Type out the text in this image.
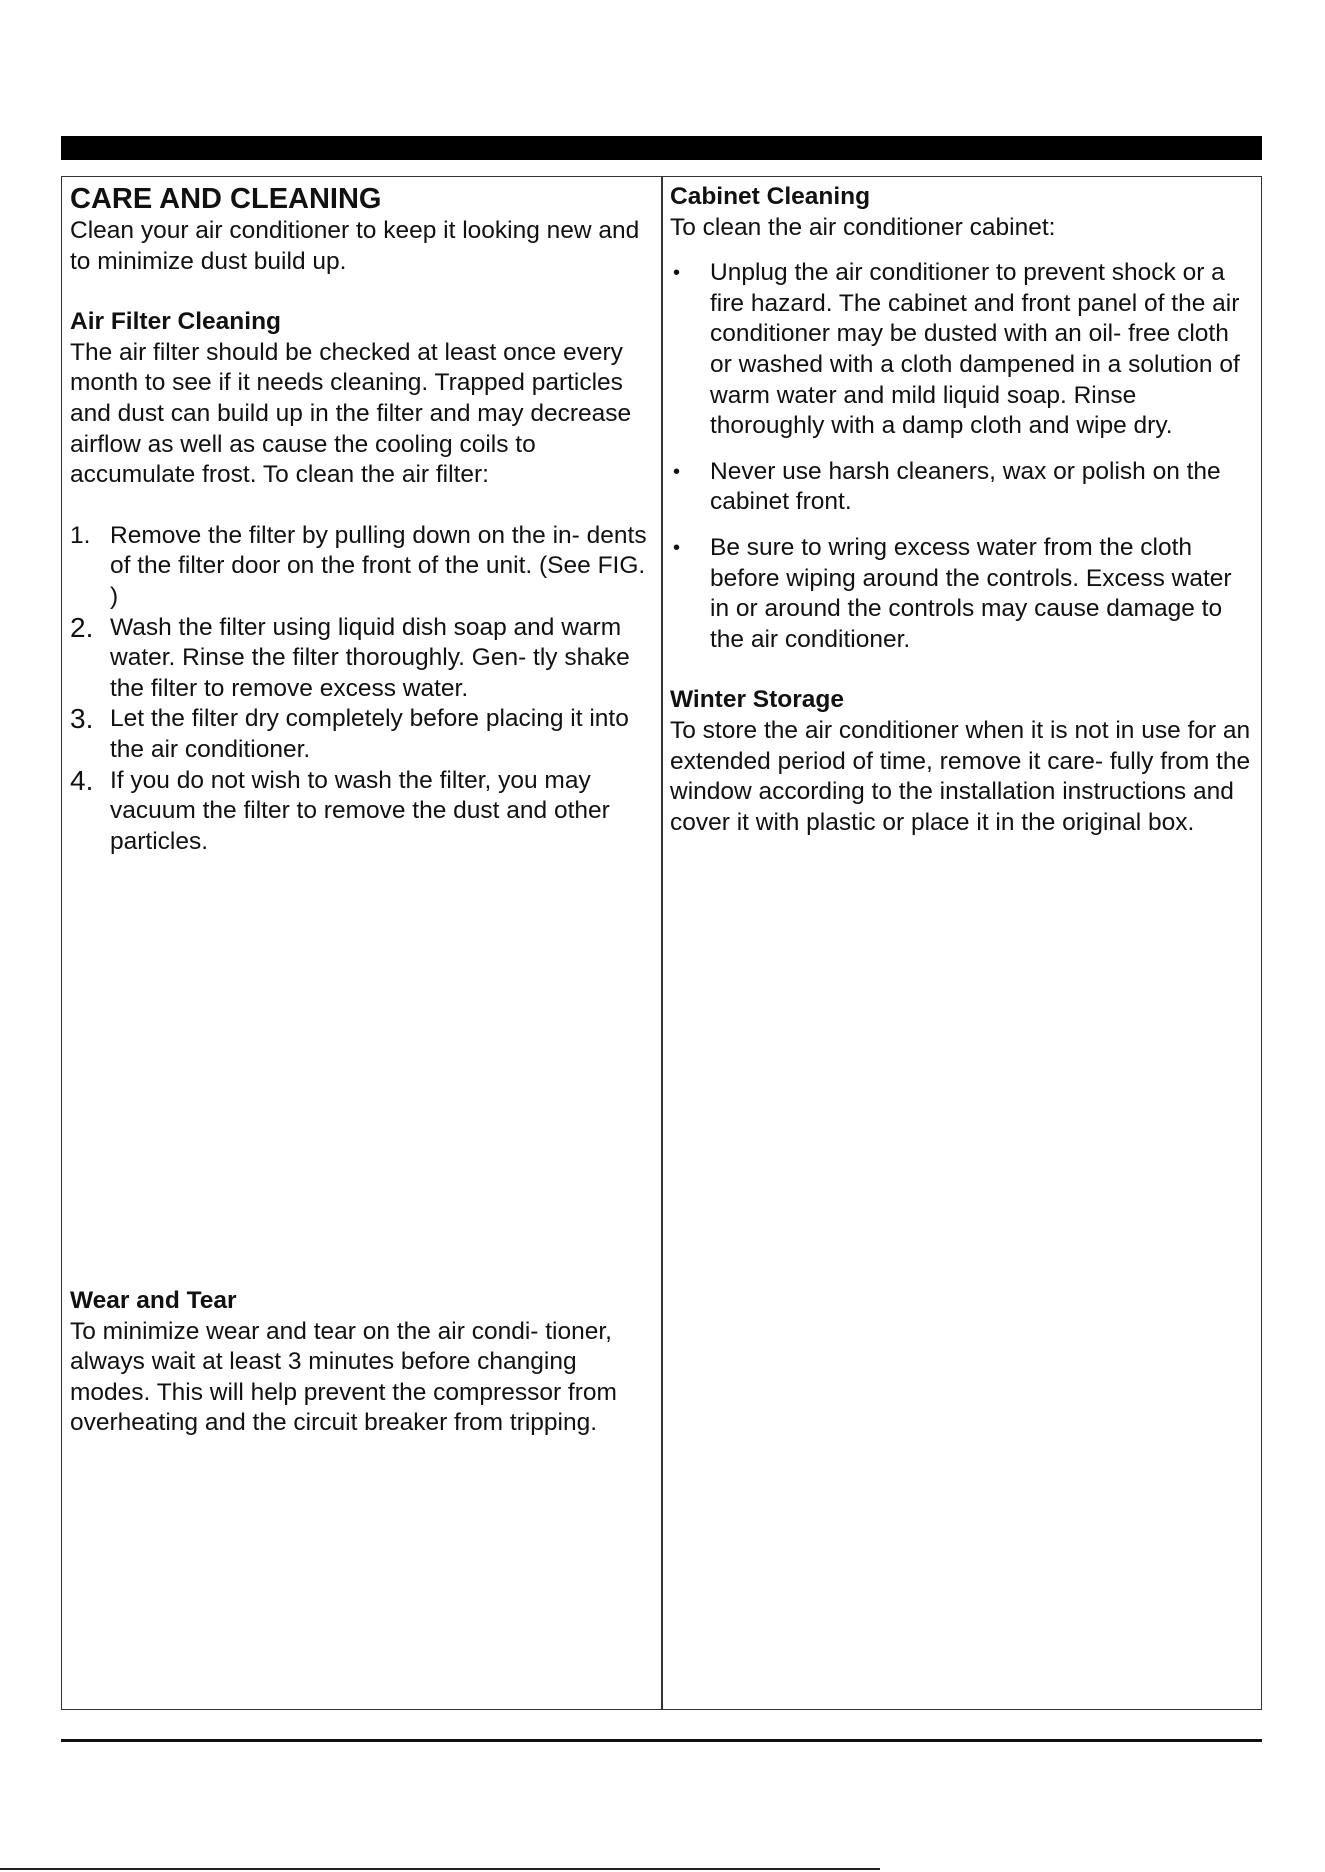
CARE AND CLEANING

Clean your air conditioner to keep it looking new and to minimize dust build up.

Air Filter Cleaning

The air filter should be checked at least once every month to see if it needs cleaning. Trapped particles and dust can build up in the filter and may decrease airflow as well as cause the cooling coils to accumulate frost. To clean the air filter:

1. Remove the filter by pulling down on the in- dents of the filter door on the front of the unit. (See FIG. )
2. Wash the filter using liquid dish soap and warm water. Rinse the filter thoroughly. Gen- tly shake the filter to remove excess water.
3. Let the filter dry completely before placing it into the air conditioner.
4. If you do not wish to wash the filter, you may vacuum the filter to remove the dust and other particles.

Wear and Tear

To minimize wear and tear on the air condi- tioner, always wait at least 3 minutes before changing modes. This will help prevent the compressor from overheating and the circuit breaker from tripping.

Cabinet Cleaning

To clean the air conditioner cabinet:

• Unplug the air conditioner to prevent shock or a fire hazard. The cabinet and front panel of the air conditioner may be dusted with an oil- free cloth or washed with a cloth dampened in a solution of warm water and mild liquid soap. Rinse thoroughly with a damp cloth and wipe dry.
• Never use harsh cleaners, wax or polish on the cabinet front.
• Be sure to wring excess water from the cloth before wiping around the controls. Excess water in or around the controls may cause damage to the air conditioner.

Winter Storage

To store the air conditioner when it is not in use for an extended period of time, remove it care- fully from the window according to the installation instructions and cover it with plastic or place it in the original box.
